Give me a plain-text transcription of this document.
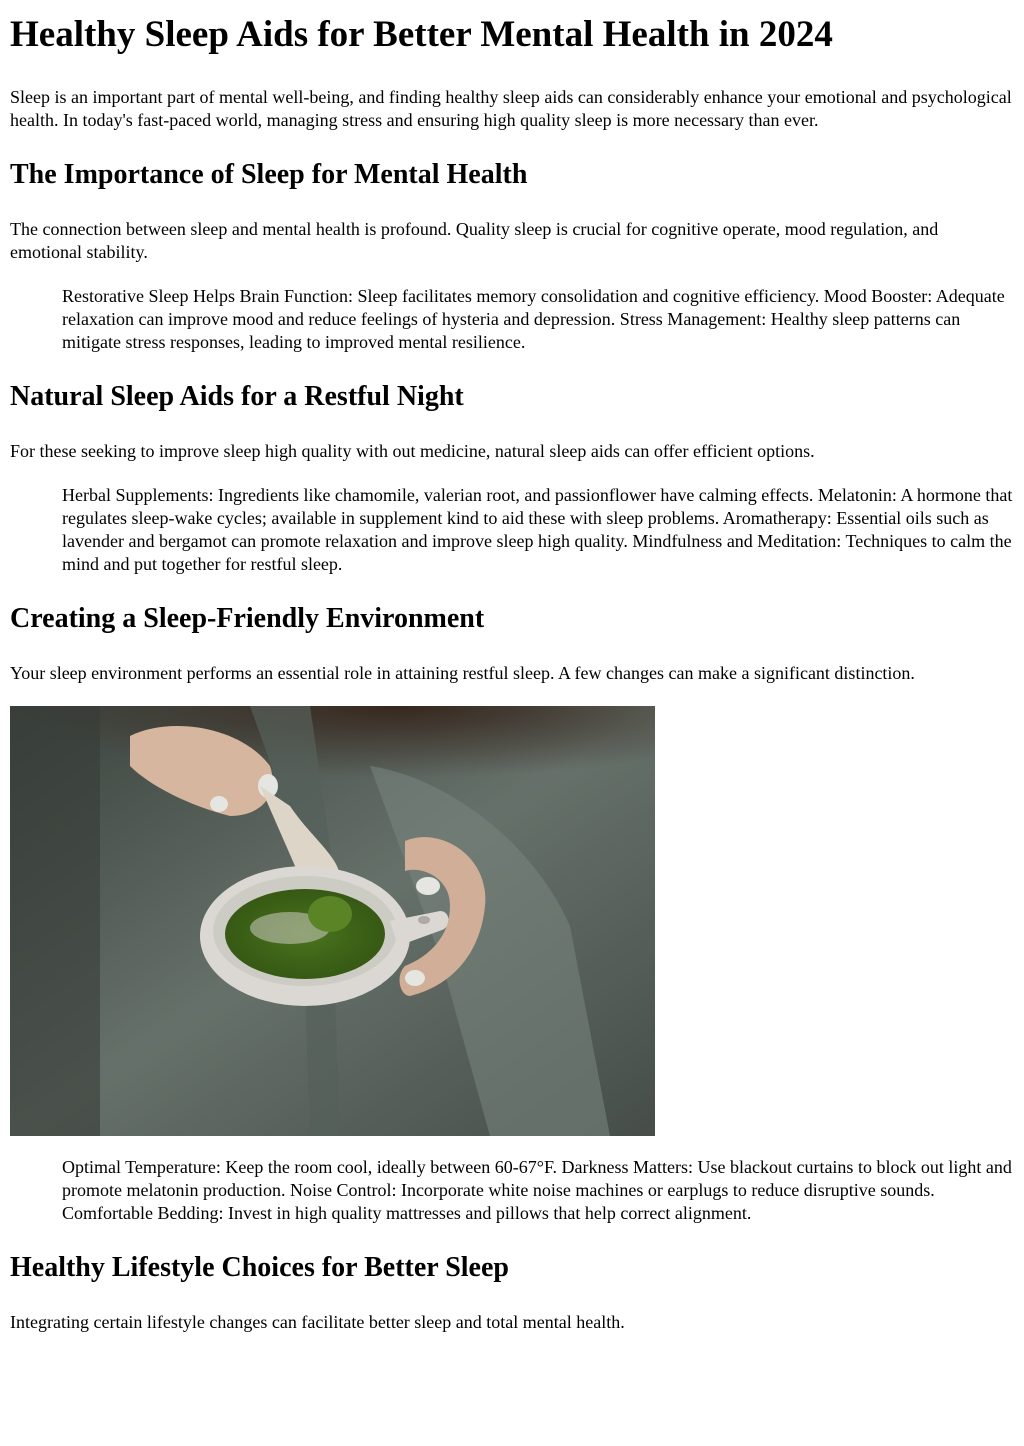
Healthy Sleep Aids for Better Mental Health in 2024

Sleep is an important part of mental well-being, and finding healthy sleep aids can considerably enhance your emotional and psychological health. In today's fast-paced world, managing stress and ensuring high quality sleep is more necessary than ever.

The Importance of Sleep for Mental Health

The connection between sleep and mental health is profound. Quality sleep is crucial for cognitive operate, mood regulation, and emotional stability.

Restorative Sleep Helps Brain Function: Sleep facilitates memory consolidation and cognitive efficiency. Mood Booster: Adequate relaxation can improve mood and reduce feelings of hysteria and depression. Stress Management: Healthy sleep patterns can mitigate stress responses, leading to improved mental resilience.
Natural Sleep Aids for a Restful Night

For these seeking to improve sleep high quality with out medicine, natural sleep aids can offer efficient options.

Herbal Supplements: Ingredients like chamomile, valerian root, and passionflower have calming effects. Melatonin: A hormone that regulates sleep-wake cycles; available in supplement kind to aid these with sleep problems. Aromatherapy: Essential oils such as lavender and bergamot can promote relaxation and improve sleep high quality. Mindfulness and Meditation: Techniques to calm the mind and put together for restful sleep.
Creating a Sleep-Friendly Environment

Your sleep environment performs an essential role in attaining restful sleep. A few changes can make a significant distinction.

Optimal Temperature: Keep the room cool, ideally between 60-67°F. Darkness Matters: Use blackout curtains to block out light and promote melatonin production. Noise Control: Incorporate white noise machines or earplugs to reduce disruptive sounds. Comfortable Bedding: Invest in high quality mattresses and pillows that help correct alignment.
Healthy Lifestyle Choices for Better Sleep

Integrating certain lifestyle changes can facilitate better sleep and total mental health.
